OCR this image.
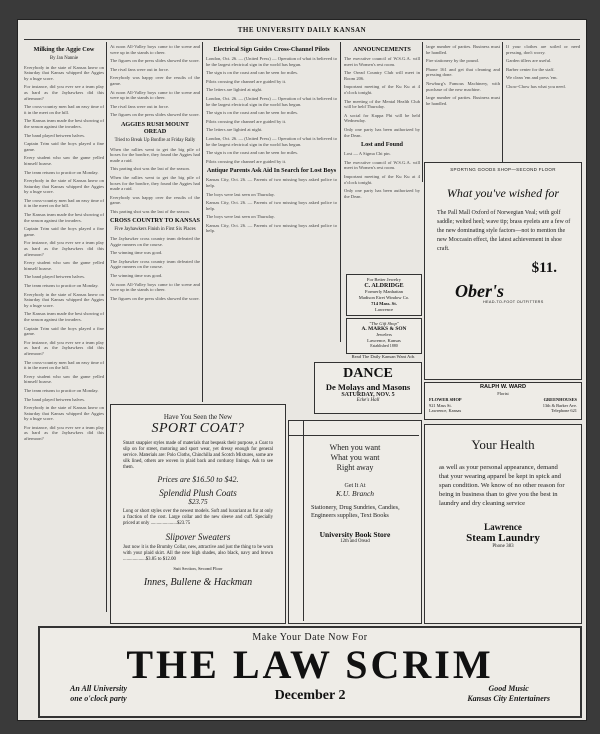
THE UNIVERSITY DAILY KANSAN
Milking the Aggie Cow
By Jan Nannie

Everybody in the state of Kansas knew on Saturday that Kansas whipped the Aggies by a huge score.

For instance, did you ever see a team play as hard as the Jayhawkers did this afternoon?

The cross-country men had an easy time of it in the meet on the hill.

The Kansas team made the best showing of the season against the invaders.

The band played between halves.

Captain Trim said the boys played a fine game.

Every student who saw the game yelled himself hoarse.

The team returns to practice on Monday.

Everybody in the state of Kansas knew on Saturday that Kansas whipped the Aggies by a huge score.

The cross-country men had an easy time of it in the meet on the hill.

The Kansas team made the best showing of the season against the invaders.

Captain Trim said the boys played a fine game.

For instance, did you ever see a team play as hard as the Jayhawkers did this afternoon?

Every student who saw the game yelled himself hoarse.

The band played between halves.

The team returns to practice on Monday.

Everybody in the state of Kansas knew on Saturday that Kansas whipped the Aggies by a huge score.

The Kansas team made the best showing of the season against the invaders.

Captain Trim said the boys played a fine game.

For instance, did you ever see a team play as hard as the Jayhawkers did this afternoon?

The cross-country men had an easy time of it in the meet on the hill.

Every student who saw the game yelled himself hoarse.

The team returns to practice on Monday.

The band played between halves.

Everybody in the state of Kansas knew on Saturday that Kansas whipped the Aggies by a huge score.

For instance, did you ever see a team play as hard as the Jayhawkers did this afternoon?

At noon All-Valley boys came to the scene and were up in the stands to cheer.

The figures on the press slides showed the score.

The rival fans were out in force.

Everybody was happy over the results of the game.

At noon All-Valley boys came to the scene and were up in the stands to cheer.

The rival fans were out in force.

The figures on the press slides showed the score.

AGGIES RUSH MOUNT OREAD
Tried to Break Up Bonfire at Friday Rally

When the rallies went to get the big pile of boxes for the bonfire, they found the Aggies had made a raid.

This parting shot was the last of the season.

When the rallies went to get the big pile of boxes for the bonfire, they found the Aggies had made a raid.

Everybody was happy over the results of the game.

This parting shot was the last of the season.

CROSS COUNTRY TO KANSAS
Five Jayhawkers Finish in First Six Places

The Jayhawker cross country team defeated the Aggie runners on the course.

The winning time was good.

The Jayhawker cross country team defeated the Aggie runners on the course.

The winning time was good.

At noon All-Valley boys came to the scene and were up in the stands to cheer.

The figures on the press slides showed the score.

Electrical Sign Guides Cross-Channel Pilots

London, Oct. 26. — (United Press) — Operation of what is believed to be the largest electrical sign in the world has begun.

The sign is on the coast and can be seen for miles.

Pilots crossing the channel are guided by it.

The letters are lighted at night.

London, Oct. 26. — (United Press) — Operation of what is believed to be the largest electrical sign in the world has begun.

The sign is on the coast and can be seen for miles.

Pilots crossing the channel are guided by it.

The letters are lighted at night.

London, Oct. 26. — (United Press) — Operation of what is believed to be the largest electrical sign in the world has begun.

The sign is on the coast and can be seen for miles.

Pilots crossing the channel are guided by it.

Antique Parents Ask Aid In Search for Lost Boys

Kansas City, Oct. 26. — Parents of two missing boys asked police to help.

The boys were last seen on Thursday.

Kansas City, Oct. 26. — Parents of two missing boys asked police to help.

The boys were last seen on Thursday.

Kansas City, Oct. 26. — Parents of two missing boys asked police to help.

ANNOUNCEMENTS

The executive council of W.S.G.A. will meet in Women's rest room.

The Oread Country Club will meet in Room 206.

Important meeting of the Ku Ku at 4 o'clock tonight.

The meeting of the Mental Health Club will be held Thursday.

A social for Kappa Phi will be held Wednesday.

Only one party has been authorized by the Dean.

Lost and Found

Lost — A Sigma Chi pin.

The executive council of W.S.G.A. will meet in Women's rest room.

Important meeting of the Ku Ku at 4 o'clock tonight.

Only one party has been authorized by the Dean.

large number of parties. Business must be handled.

Fire stationery by the pound.

Phone 161 and get that cleaning and pressing done.

Newburg's Famous Machinery, with purchase of the new machine.

large number of parties. Business must be handled.

If your clothes are soiled or need pressing, don't worry.

Garden tillers are useful.

Barber center for the staff.

We clean 'em and press 'em.

Chow-Chow has what you need.

SPORTING GOODS SHOP—SECOND FLOOR
What you've wished for
The Pall Mall Oxford of Norwegian Veal; with golf saddle; welted heel; wave tip; brass eyelets are a few of the new dominating style factors—not to mention the new Moccasin effect, the latest achievement in shoe craft.
$11.
Ober's
HEAD-TO-FOOT OUTFITTERS
For Better Jewelry
C. ALDRIDGE
Formerly Manhattan
Madison Eiret Window Co.
714 Mass. St.
Lawrence
"The Gift Shop"
A. MARKS & SON
Jewelers
Lawrence, Kansas
Established 1880
Read The Daily Kansan Want Ads
DANCE
De Molays and Masons
SATURDAY, NOV. 5
Ecke's Hall
RALPH W. WARD
Florist
FLOWER SHOP
921 Mass St.
Lawrence, Kansas
GREENHOUSES
13th & Barker Ave.
Telephone 621
Have You Seen the New
SPORT COAT?
Smart snappier styles made of materials that bespeak their purpose, a Coat to slip on for street, motoring and sport wear, yet dressy enough for general service. Materials are: Polo Cloths, Chinchilla and Scotch Mixtures, some are silk lined, others are woven in plaid back and corduroy linings. Ask to see them.
Prices are $16.50 to $42.
Splendid Plush Coats
$23.75
Long or short styles over the newest models. Soft and luxuriant as fur at only a fraction of the cost. Large collar and the new sleeve and cuff. Specially priced at only ......................$23.75
Slipover Sweaters
Just now it is the Brumby Collar, new, attractive and just the thing to be worn with your plaid skirt. All the new high shades, also black, navy and brown ...................$3.85 to $12.00
Suit Section, Second Floor
Innes, Bullene & Hackman
When you want
What you want
Right away
Get It At
K.U. Branch
Stationery, Drug Sundries, Candies, Engineers supplies, Text Books
University Book Store
12th and Oread
Your Health
as well as your personal appearance, demand that your wearing apparel be kept in spick and span condition. We know of no other reason for being in business than to give you the best in laundry and dry cleaning service
Lawrence
Steam Laundry
Phone 383
Make Your Date Now For
THE LAW SCRIM
An All University
one o'clock party	December 2	Good Music
Kansas City Entertainers
